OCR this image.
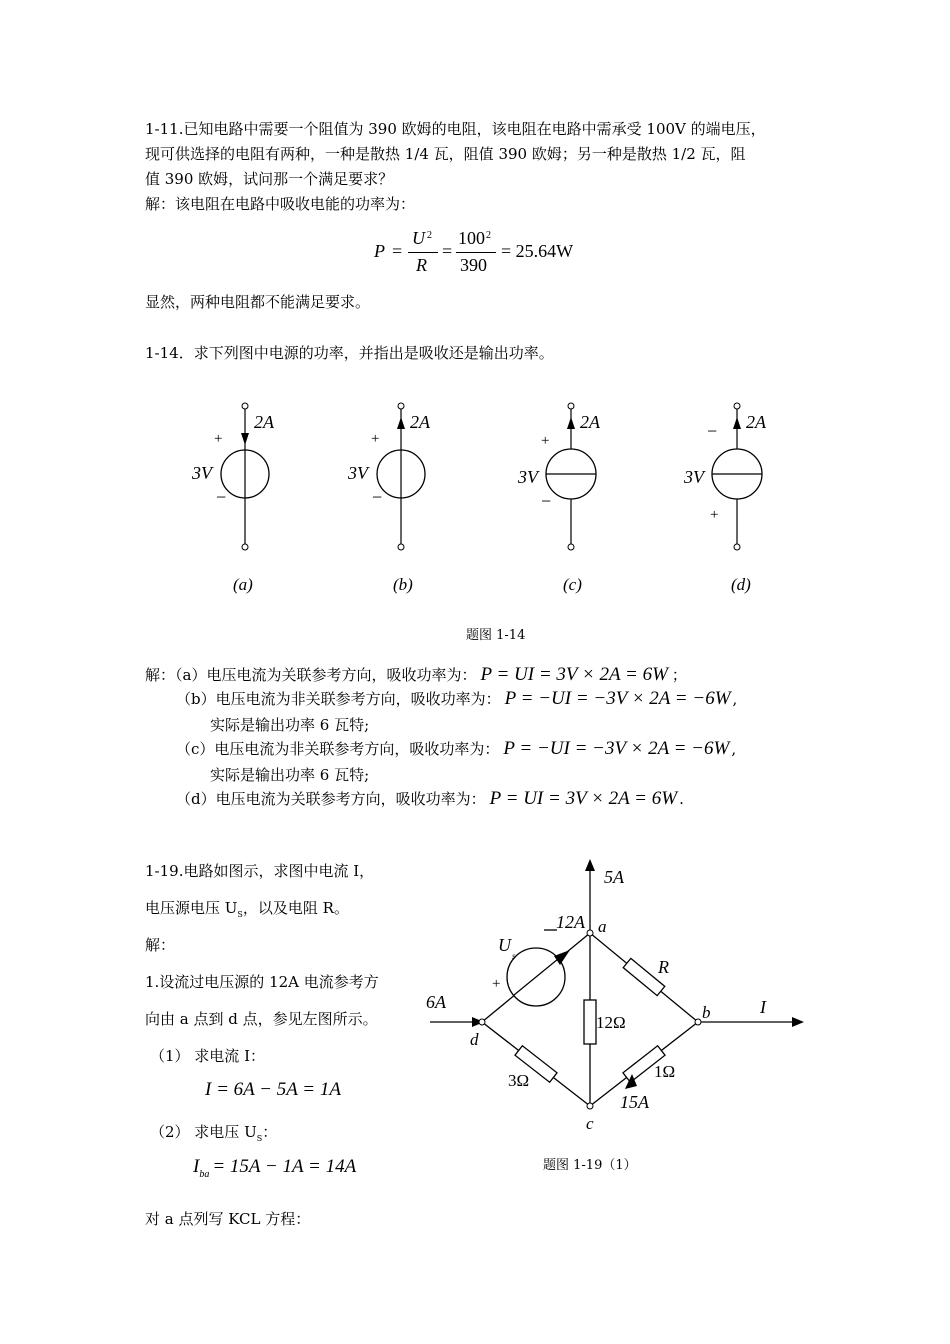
1-11.已知电路中需要一个阻值为 390 欧姆的电阻，该电阻在电路中需承受 100V 的端电压，
现可供选择的电阻有两种，一种是散热 1/4 瓦，阻值 390 欧姆；另一种是散热 1/2 瓦，阻
值 390 欧姆，试问那一个满足要求？
解：该电阻在电路中吸收电能的功率为：
P =
U 2
R
=
100 2
390
= 25.64W
显然，两种电阻都不能满足要求。
1-14．求下列图中电源的功率，并指出是吸收还是输出功率。
2A
+
3V
−
2A
+
3V
−
2A
+
3V
−
2A
−
3V
+
(a)	(b)	(c)	(d)
题图 1-14
解：（a）电压电流为关联参考方向，吸收功率为： P = UI = 3V × 2A = 6W ；
（b）电压电流为非关联参考方向，吸收功率为： P = −UI = −3V × 2A = −6W ,
实际是输出功率 6 瓦特;
（c）电压电流为非关联参考方向，吸收功率为： P = −UI = −3V × 2A = −6W ,
实际是输出功率 6 瓦特;
（d）电压电流为关联参考方向，吸收功率为： P = UI = 3V × 2A = 6W .
1-19.电路如图示，求图中电流 I，
电压源电压 $U_S$，以及电阻 R。
解：
1.设流过电压源的 12A 电流参考方
向由 a 点到 d 点，参见左图所示。
（1） 求电流 I：
I = 6A − 5A = 1A
（2） 求电压 $U_S$：
$I_{ba} = 15A - 1A = 14A$
对 a 点列写 KCL 方程：
5A
12A a
U
s
+
R
6A
b	I
12Ω
d
3Ω	1Ω
15A
c
题图 1-19（1）
